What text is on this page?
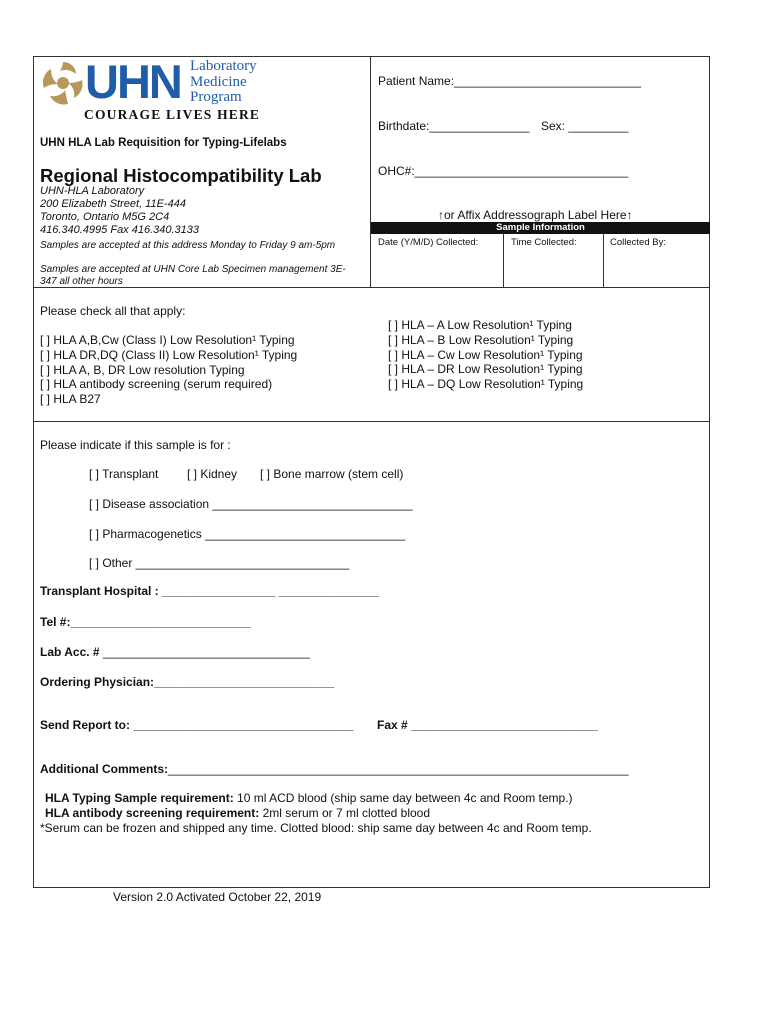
UHN Laboratory
Medicine
Program
COURAGE LIVES HERE
UHN HLA Lab Requisition for Typing-Lifelabs
Regional Histocompatibility Lab
UHN-HLA Laboratory
200 Elizabeth Street, 11E-444
Toronto, Ontario M5G 2C4
416.340.4995 Fax 416.340.3133
Samples are accepted at this address Monday to Friday 9 am-5pm
Samples are accepted at UHN Core Lab Specimen management 3E-
347 all other hours
Patient Name:____________________________
Birthdate:_______________ Sex: _________
OHC#:________________________________
↑or Affix Addressograph Label Here↑
Sample Information
Date (Y/M/D) Collected:	Time Collected:	Collected By:
Please check all that apply:
[ ] HLA A,B,Cw (Class I) Low Resolution¹ Typing
[ ] HLA DR,DQ (Class II) Low Resolution¹ Typing
[ ] HLA A, B, DR Low resolution Typing
[ ] HLA antibody screening (serum required)
[ ] HLA B27
[ ] HLA – A Low Resolution¹ Typing
[ ] HLA – B Low Resolution¹ Typing
[ ] HLA – Cw Low Resolution¹ Typing
[ ] HLA – DR Low Resolution¹ Typing
[ ] HLA – DQ Low Resolution¹ Typing
Please indicate if this sample is for :
[ ] Transplant [ ] Kidney [ ] Bone marrow (stem cell)
[ ] Disease association ______________________________
[ ] Pharmacogenetics ______________________________
[ ] Other ________________________________
Transplant Hospital : _________________ _______________
Tel #:___________________________
Lab Acc. # _______________________________
Ordering Physician:___________________________
Send Report to: _________________________________ Fax # ____________________________
Additional Comments:_____________________________________________________________________
HLA Typing Sample requirement: 10 ml ACD blood (ship same day between 4c and Room temp.)
HLA antibody screening requirement: 2ml serum or 7 ml clotted blood
*Serum can be frozen and shipped any time. Clotted blood: ship same day between 4c and Room temp.
Version 2.0 Activated October 22, 2019
